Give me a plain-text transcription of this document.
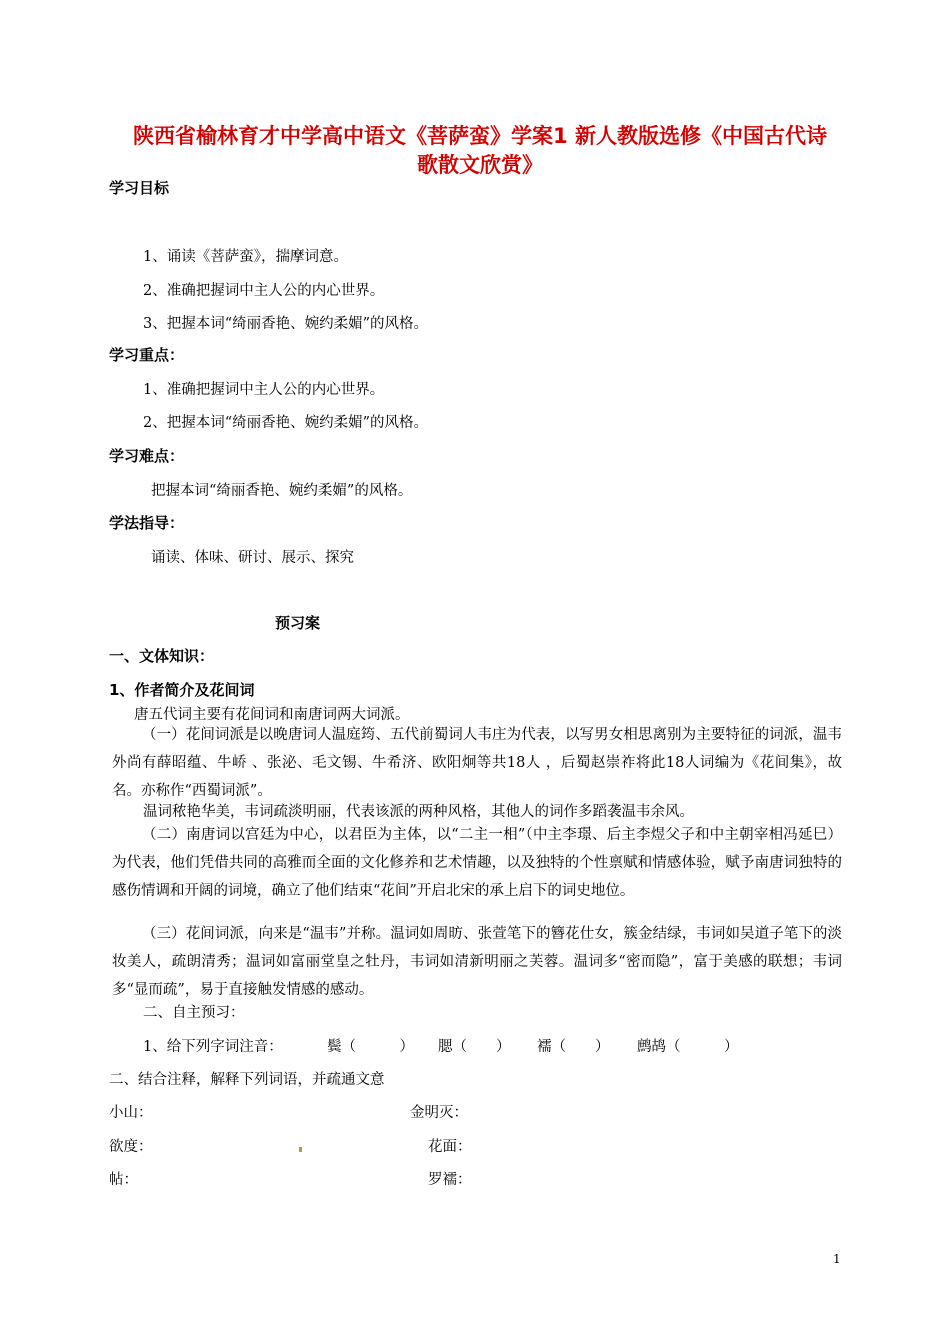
陕西省榆林育才中学高中语文《菩萨蛮》学案1 新人教版选修《中国古代诗
歌散文欣赏》
学习目标
1、诵读《菩萨蛮》，揣摩词意。
2、准确把握词中主人公的内心世界。
3、把握本词“绮丽香艳、婉约柔媚”的风格。
学习重点：
1、准确把握词中主人公的内心世界。
2、把握本词“绮丽香艳、婉约柔媚”的风格。
学习难点：
把握本词“绮丽香艳、婉约柔媚”的风格。
学法指导：
诵读、体味、研讨、展示、探究
预习案
一、文体知识：
1、作者简介及花间词
唐五代词主要有花间词和南唐词两大词派。
（一）花间词派是以晚唐词人温庭筠、五代前蜀词人韦庄为代表，以写男女相思离别为主要特征的词派，温韦外尚有薛昭蕴、牛峤 、张泌、毛文锡、牛希济、欧阳炯等共18人 ，后蜀赵崇祚将此18人词编为《花间集》，故名。亦称作“西蜀词派”。
温词秾艳华美，韦词疏淡明丽，代表该派的两种风格，其他人的词作多蹈袭温韦余风。
（二）南唐词以宫廷为中心，以君臣为主体，以“二主一相”（中主李璟、后主李煜父子和中主朝宰相冯延巳）为代表，他们凭借共同的高雅而全面的文化修养和艺术情趣，以及独特的个性禀赋和情感体验，赋予南唐词独特的感伤情调和开阔的词境，确立了他们结束“花间”开启北宋的承上启下的词史地位。
（三）花间词派，向来是“温韦”并称。温词如周昉、张萱笔下的簪花仕女，簇金结绿，韦词如吴道子笔下的淡妆美人，疏朗清秀；温词如富丽堂皇之牡丹，韦词如清新明丽之芙蓉。温词多“密而隐”，富于美感的联想；韦词多“显而疏”，易于直接触发情感的感动。
二、自主预习：
1、给下列字词注音：	鬓（　　　） 腮（　　） 襦（　　） 鹧鸪（　　　）
二、结合注释，解释下列词语，并疏通文意
小山：	金明灭：
欲度：	花面：
帖：	罗襦：
1
